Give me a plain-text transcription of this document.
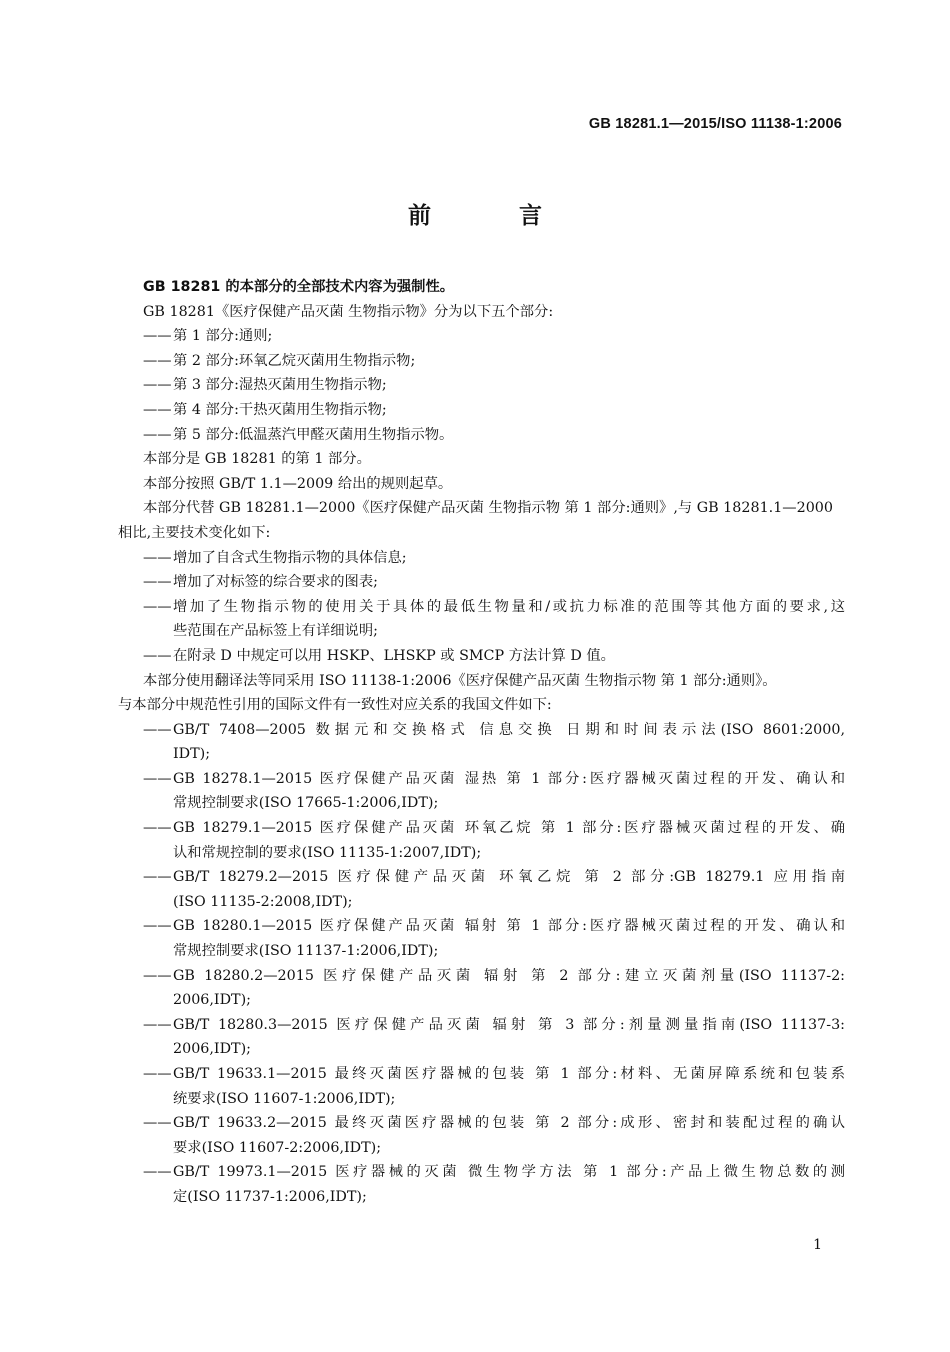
GB 18281.1—2015/ISO 11138-1:2006
前 言
GB 18281 的本部分的全部技术内容为强制性。
GB 18281《医疗保健产品灭菌 生物指示物》分为以下五个部分:
—— 第 1 部分:通则;
—— 第 2 部分:环氧乙烷灭菌用生物指示物;
—— 第 3 部分:湿热灭菌用生物指示物;
—— 第 4 部分:干热灭菌用生物指示物;
—— 第 5 部分:低温蒸汽甲醛灭菌用生物指示物。
本部分是 GB 18281 的第 1 部分。
本部分按照 GB/T 1.1—2009 给出的规则起草。
本部分代替 GB 18281.1—2000《医疗保健产品灭菌 生物指示物 第 1 部分:通则》,与 GB 18281.1—2000
相比,主要技术变化如下:
—— 增加了自含式生物指示物的具体信息;
—— 增加了对标签的综合要求的图表;
—— 增加了生物指示物的使用关于具体的最低生物量和/或抗力标准的范围等其他方面的要求,这
些范围在产品标签上有详细说明;
—— 在附录 D 中规定可以用 HSKP、LHSKP 或 SMCP 方法计算 D 值。
本部分使用翻译法等同采用 ISO 11138-1:2006《医疗保健产品灭菌 生物指示物 第 1 部分:通则》。
与本部分中规范性引用的国际文件有一致性对应关系的我国文件如下:
—— GB/T 7408—2005 数据元和交换格式 信息交换 日期和时间表示法(ISO 8601:2000,
IDT);
—— GB 18278.1—2015 医疗保健产品灭菌 湿热 第 1 部分:医疗器械灭菌过程的开发、确认和
常规控制要求(ISO 17665-1:2006,IDT);
—— GB 18279.1—2015 医疗保健产品灭菌 环氧乙烷 第 1 部分:医疗器械灭菌过程的开发、确
认和常规控制的要求(ISO 11135-1:2007,IDT);
—— GB/T 18279.2—2015 医疗保健产品灭菌 环氧乙烷 第 2 部分:GB 18279.1 应用指南
(ISO 11135-2:2008,IDT);
—— GB 18280.1—2015 医疗保健产品灭菌 辐射 第 1 部分:医疗器械灭菌过程的开发、确认和
常规控制要求(ISO 11137-1:2006,IDT);
—— GB 18280.2—2015 医疗保健产品灭菌 辐射 第 2 部分:建立灭菌剂量(ISO 11137-2:
2006,IDT);
—— GB/T 18280.3—2015 医疗保健产品灭菌 辐射 第 3 部分:剂量测量指南(ISO 11137-3:
2006,IDT);
—— GB/T 19633.1—2015 最终灭菌医疗器械的包装 第 1 部分:材料、无菌屏障系统和包装系
统要求(ISO 11607-1:2006,IDT);
—— GB/T 19633.2—2015 最终灭菌医疗器械的包装 第 2 部分:成形、密封和装配过程的确认
要求(ISO 11607-2:2006,IDT);
—— GB/T 19973.1—2015 医疗器械的灭菌 微生物学方法 第 1 部分:产品上微生物总数的测
定(ISO 11737-1:2006,IDT);
1
